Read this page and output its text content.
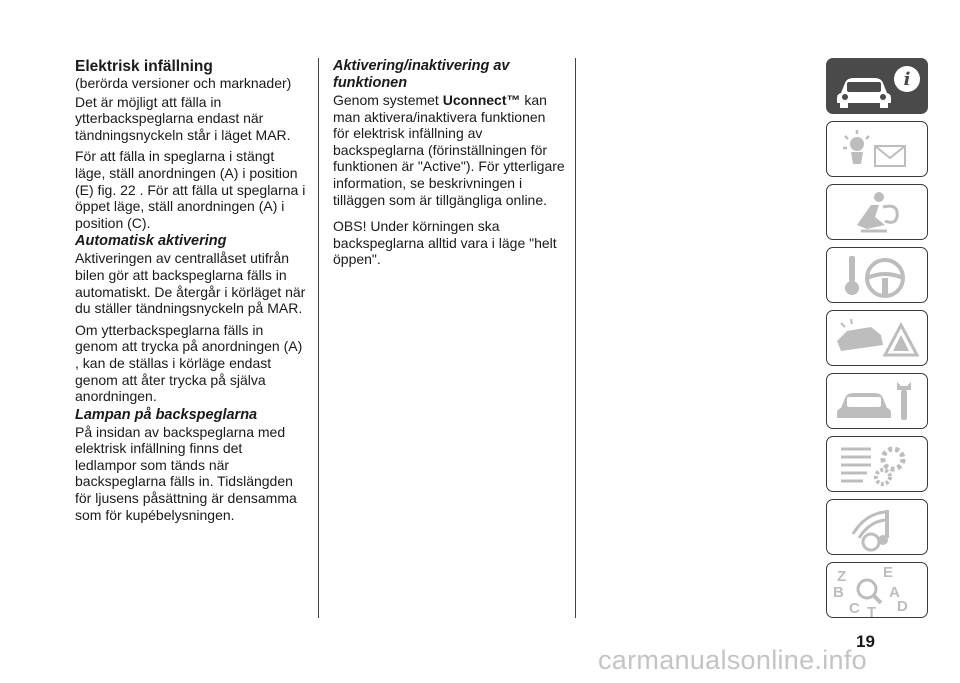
Elektrisk infällning

(berörda versioner och marknader)

Det är möjligt att fälla in ytterbackspeglarna endast när tändningsnyckeln står i läget MAR.

För att fälla in speglarna i stängt läge, ställ anordningen (A) i position (E) fig. 22 . För att fälla ut speglarna i öppet läge, ställ anordningen (A) i position (C).

Automatisk aktivering

Aktiveringen av centrallåset utifrån bilen gör att backspeglarna fälls in automatiskt. De återgår i körläget när du ställer tändningsnyckeln på MAR.

Om ytterbackspeglarna fälls in genom att trycka på anordningen (A) , kan de ställas i körläge endast genom att åter trycka på själva anordningen.

Lampan på backspeglarna

På insidan av backspeglarna med elektrisk infällning finns det ledlampor som tänds när backspeglarna fälls in. Tidslängden för ljusens påsättning är densamma som för kupébelysningen.

Aktivering/inaktivering av funktionen

Genom systemet Uconnect™ kan man aktivera/inaktivera funktionen för elektrisk infällning av backspeglarna (förinställningen för funktionen är "Active"). För ytterligare information, se beskrivningen i tilläggen som är tillgängliga online.

OBS! Under körningen ska backspeglarna alltid vara i läge "helt öppen".

i
Z E
B	A
C T D
19
carmanualsonline.info
